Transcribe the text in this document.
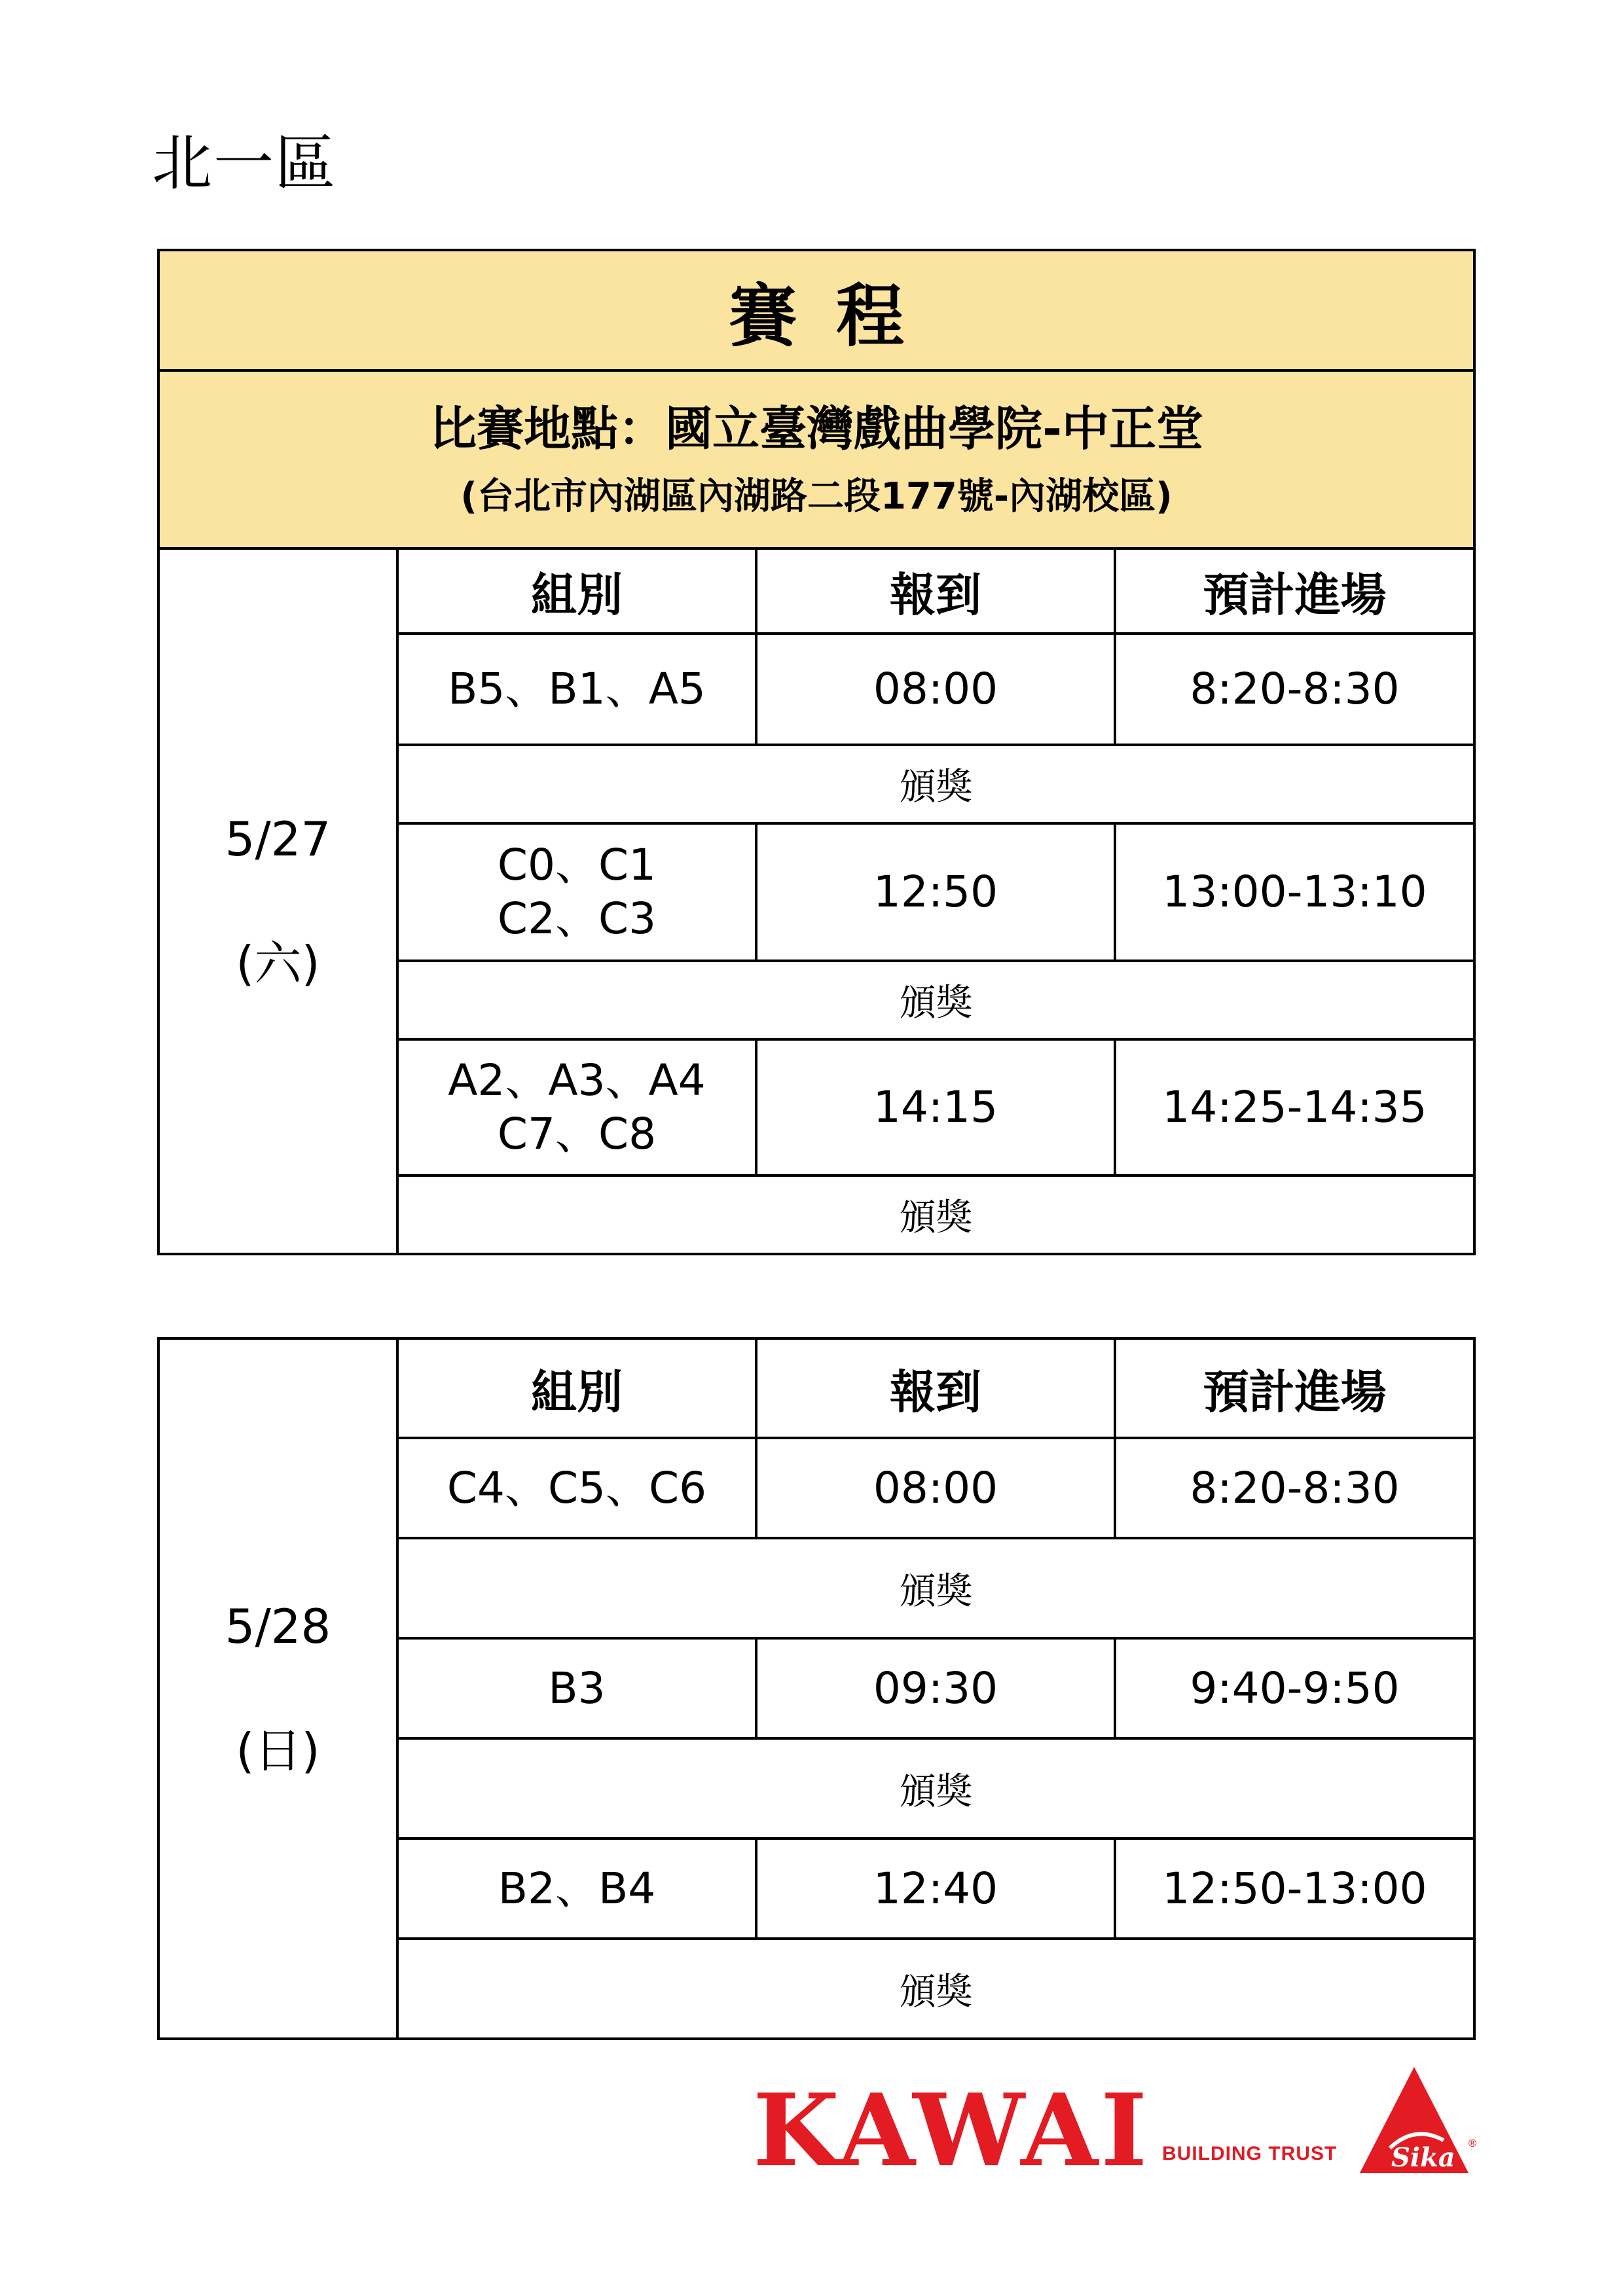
北一區
賽程			

比賽地點：國立臺灣戲曲學院-中正堂
(台北市內湖區內湖路二段177號-內湖校區)			

5/27
(六)	組別	報到	預計進場
	B5、B1、A5	08:00	8:20-8:30
	頒獎		

	C0、C1
C2、C3	12:50	13:00-13:10
	頒獎		

	A2、A3、A4
C7、C8	14:15	14:25-14:35
	頒獎		
5/28
(日)	組別	報到	預計進場
	C4、C5、C6	08:00	8:20-8:30
	頒獎		
	B3	09:30	9:40-9:50
	頒獎		
	B2、B4	12:40	12:50-13:00
	頒獎		
KAWAI BUILDING TRUST Sika ®
